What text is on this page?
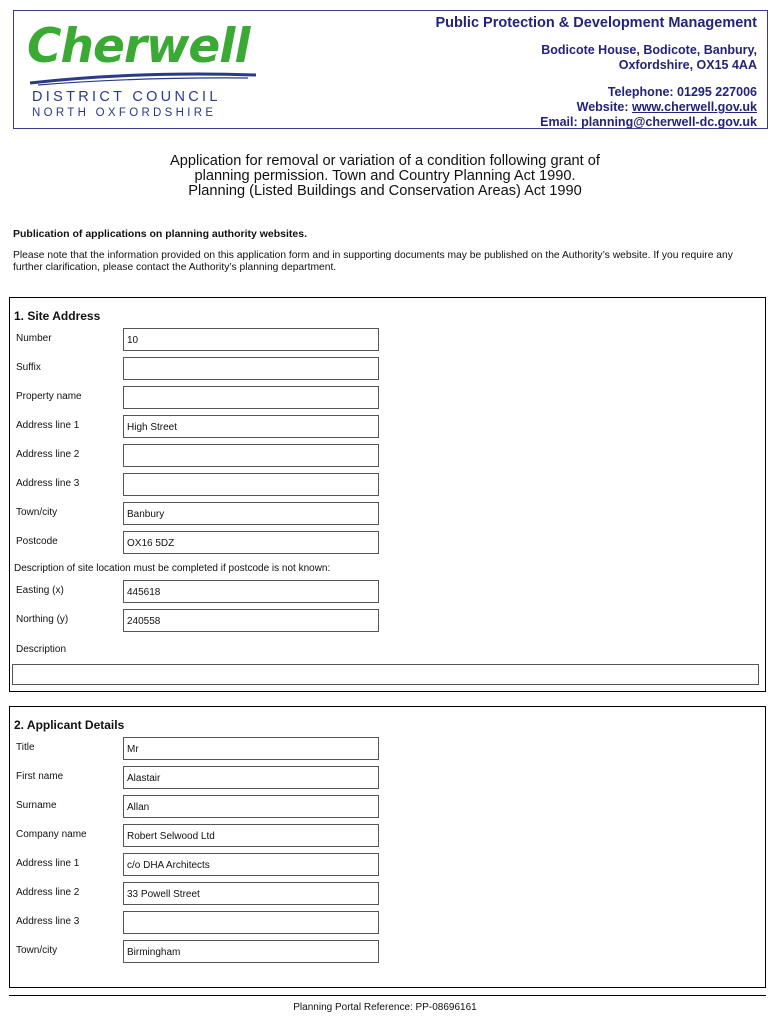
Cherwell
DISTRICT COUNCIL
NORTH OXFORDSHIRE
Public Protection & Development Management
Bodicote House, Bodicote, Banbury,
Oxfordshire, OX15 4AA
Telephone: 01295 227006
Website: www.cherwell.gov.uk
Email: planning@cherwell-dc.gov.uk
Application for removal or variation of a condition following grant of
planning permission. Town and Country Planning Act 1990.
Planning (Listed Buildings and Conservation Areas) Act 1990
Publication of applications on planning authority websites.
Please note that the information provided on this application form and in supporting documents may be published on the Authority’s website. If you require any further clarification, please contact the Authority’s planning department.
1. Site Address
Number	10
Suffix
Property name
Address line 1	High Street
Address line 2
Address line 3
Town/city	Banbury
Postcode	OX16 5DZ
Description of site location must be completed if postcode is not known:
Easting (x)	445618
Northing (y)	240558
Description
2. Applicant Details
Title	Mr
First name	Alastair
Surname	Allan
Company name	Robert Selwood Ltd
Address line 1	c/o DHA Architects
Address line 2	33 Powell Street
Address line 3
Town/city	Birmingham
Planning Portal Reference: PP-08696161
